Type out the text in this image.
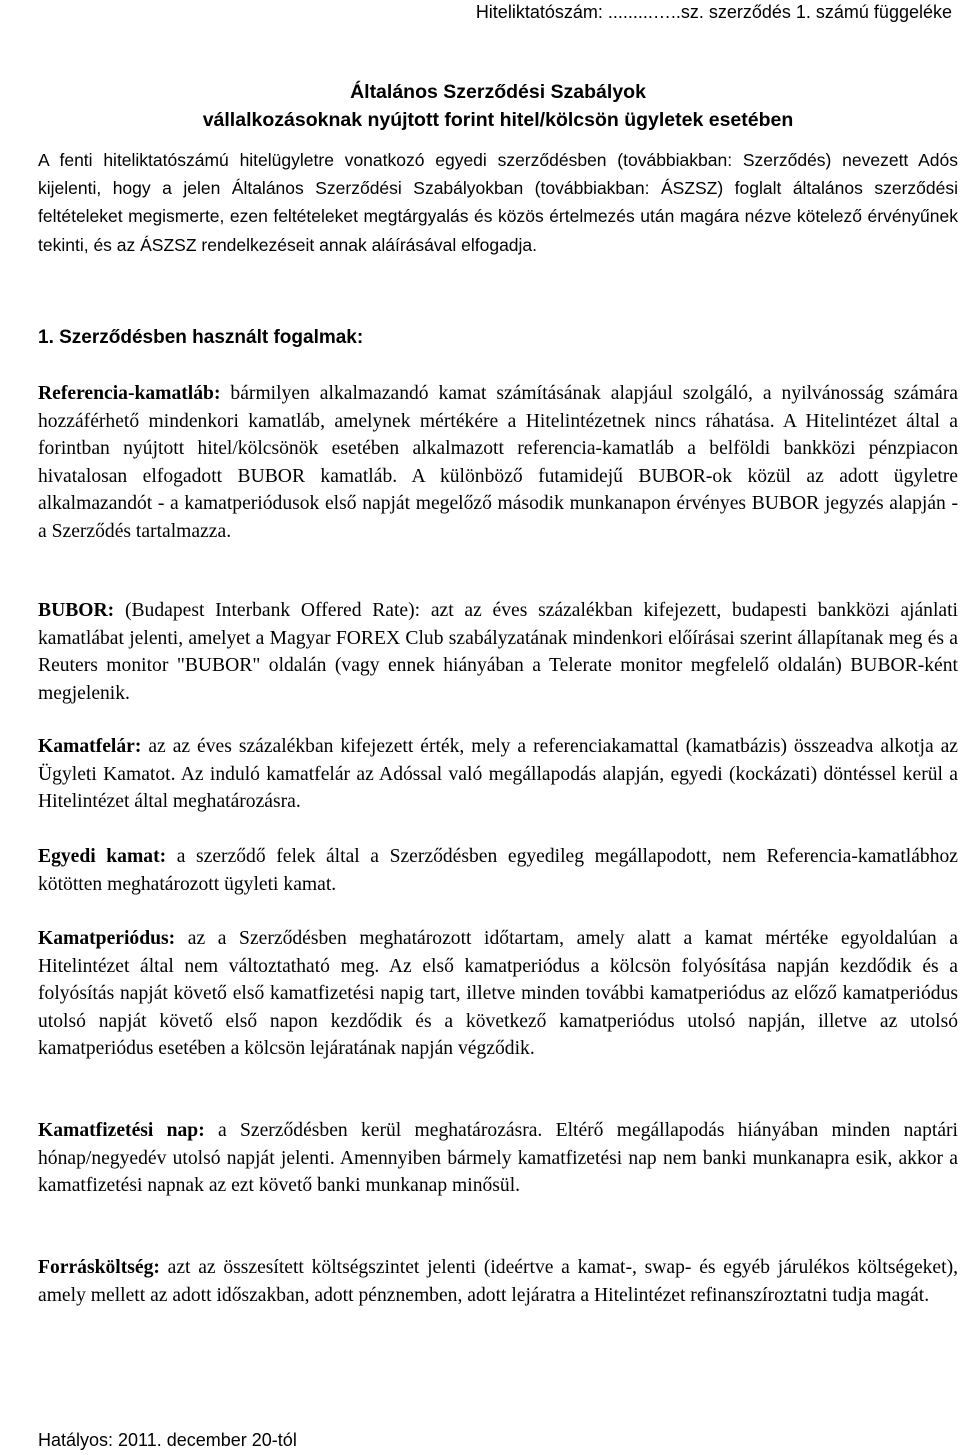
Hiteliktatószám: .........…..sz. szerződés 1. számú függeléke

Általános Szerződési Szabályok

vállalkozásoknak nyújtott forint hitel/kölcsön ügyletek esetében

A fenti hiteliktatószámú hitelügyletre vonatkozó egyedi szerződésben (továbbiakban: Szerződés) nevezett Adós kijelenti, hogy a jelen Általános Szerződési Szabályokban (továbbiakban: ÁSZSZ) foglalt általános szerződési feltételeket megismerte, ezen feltételeket megtárgyalás és közös értelmezés után magára nézve kötelező érvényűnek tekinti, és az ÁSZSZ rendelkezéseit annak aláírásával elfogadja.

1. Szerződésben használt fogalmak:

Referencia-kamatláb: bármilyen alkalmazandó kamat számításának alapjául szolgáló, a nyilvánosság számára hozzáférhető mindenkori kamatláb, amelynek mértékére a Hitelintézetnek nincs ráhatása. A Hitelintézet által a forintban nyújtott hitel/kölcsönök esetében alkalmazott referencia-kamatláb a belföldi bankközi pénzpiacon hivatalosan elfogadott BUBOR kamatláb. A különböző futamidejű BUBOR-ok közül az adott ügyletre alkalmazandót - a kamatperiódusok első napját megelőző második munkanapon érvényes BUBOR jegyzés alapján - a Szerződés tartalmazza.

BUBOR: (Budapest Interbank Offered Rate): azt az éves százalékban kifejezett, budapesti bankközi ajánlati kamatlábat jelenti, amelyet a Magyar FOREX Club szabályzatának mindenkori előírásai szerint állapítanak meg és a Reuters monitor "BUBOR" oldalán (vagy ennek hiányában a Telerate monitor megfelelő oldalán) BUBOR-ként megjelenik.

Kamatfelár: az az éves százalékban kifejezett érték, mely a referenciakamattal (kamatbázis) összeadva alkotja az Ügyleti Kamatot. Az induló kamatfelár az Adóssal való megállapodás alapján, egyedi (kockázati) döntéssel kerül a Hitelintézet által meghatározásra.

Egyedi kamat: a szerződő felek által a Szerződésben egyedileg megállapodott, nem Referencia-kamatlábhoz kötötten meghatározott ügyleti kamat.

Kamatperiódus: az a Szerződésben meghatározott időtartam, amely alatt a kamat mértéke egyoldalúan a Hitelintézet által nem változtatható meg. Az első kamatperiódus a kölcsön folyósítása napján kezdődik és a folyósítás napját követő első kamatfizetési napig tart, illetve minden további kamatperiódus az előző kamatperiódus utolsó napját követő első napon kezdődik és a következő kamatperiódus utolsó napján, illetve az utolsó kamatperiódus esetében a kölcsön lejáratának napján végződik.

Kamatfizetési nap: a Szerződésben kerül meghatározásra. Eltérő megállapodás hiányában minden naptári hónap/negyedév utolsó napját jelenti. Amennyiben bármely kamatfizetési nap nem banki munkanapra esik, akkor a kamatfizetési napnak az ezt követő banki munkanap minősül.

Forrásköltség: azt az összesített költségszintet jelenti (ideértve a kamat-, swap- és egyéb járulékos költségeket), amely mellett az adott időszakban, adott pénznemben, adott lejáratra a Hitelintézet refinanszíroztatni tudja magát.

Hatályos: 2011. december 20-tól
